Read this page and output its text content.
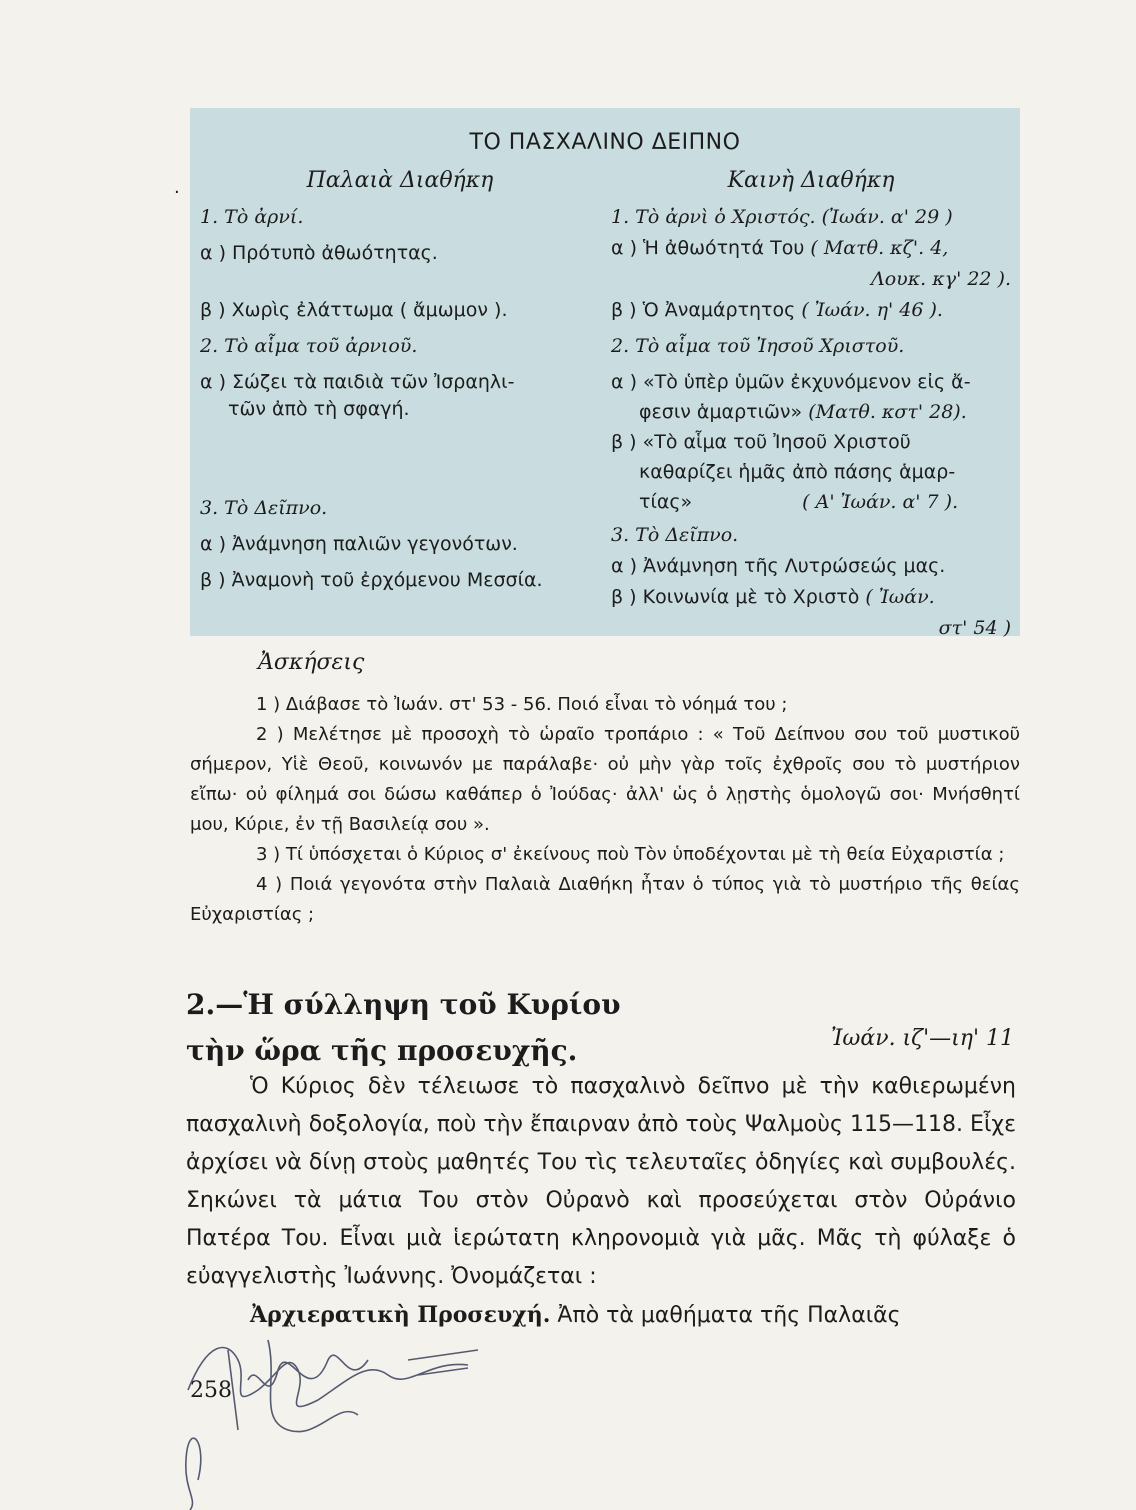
ΤΟ ΠΑΣΧΑΛΙΝΟ ΔΕΙΠΝΟ
Παλαιὰ Διαθήκη
1. Τὸ ἀρνί.
α ) Πρότυπὸ ἀθωότητας.
β ) Χωρὶς ἐλάττωμα ( ἄμωμον ).
2. Τὸ αἷμα τοῦ ἀρνιοῦ.
α ) Σώζει τὰ παιδιὰ τῶν Ἰσραηλι-
τῶν ἀπὸ τὴ σφαγή.
3. Τὸ Δεῖπνο.
α ) Ἀνάμνηση παλιῶν γεγονότων.
β ) Ἀναμονὴ τοῦ ἐρχόμενου Μεσσία.
Καινὴ Διαθήκη
1. Τὸ ἀρνὶ ὁ Χριστός. (Ἰωάν. α' 29 )
α ) Ἡ ἀθωότητά Του ( Ματθ. κζ'. 4,
Λουκ. κγ' 22 ).
β ) Ὁ Ἀναμάρτητος ( Ἰωάν. η' 46 ).
2. Τὸ αἷμα τοῦ Ἰησοῦ Χριστοῦ.
α ) «Τὸ ὑπὲρ ὑμῶν ἐκχυνόμενον εἰς ἄ-
φεσιν ἁμαρτιῶν» (Ματθ. κστ' 28).
β ) «Τὸ αἷμα τοῦ Ἰησοῦ Χριστοῦ
καθαρίζει ἡμᾶς ἀπὸ πάσης ἁμαρ-
τίας»	( Α' Ἰωάν. α' 7 ).
3. Τὸ Δεῖπνο.
α ) Ἀνάμνηση τῆς Λυτρώσεώς μας.
β ) Κοινωνία μὲ τὸ Χριστὸ ( Ἰωάν.
στ' 54 )
·
Ἀσκήσεις

1 ) Διάβασε τὸ Ἰωάν. στ' 53 - 56. Ποιό εἶναι τὸ νόημά του ;

2 ) Μελέτησε μὲ προσοχὴ τὸ ὡραῖο τροπάριο : « Τοῦ Δείπνου σου τοῦ μυστικοῦ σήμερον, Υἱὲ Θεοῦ, κοινωνόν με παράλαβε· οὐ μὴν γὰρ τοῖς ἐχθροῖς σου τὸ μυστήριον εἴπω· οὐ φίλημά σοι δώσω καθάπερ ὁ Ἰούδας· ἀλλ' ὡς ὁ λῃστὴς ὁμολογῶ σοι· Μνήσθητί μου, Κύριε, ἐν τῇ Βασιλείᾳ σου ».

3 ) Τί ὑπόσχεται ὁ Κύριος σ' ἐκείνους ποὺ Τὸν ὑποδέχονται μὲ τὴ θεία Εὐχαριστία ;

4 ) Ποιά γεγονότα στὴν Παλαιὰ Διαθήκη ἦταν ὁ τύπος γιὰ τὸ μυστήριο τῆς θείας Εὐχαριστίας ;

2.—Ἡ σύλληψη τοῦ Κυρίου
τὴν ὥρα τῆς προσευχῆς.	Ἰωάν. ιζ'—ιη' 11

Ὁ Κύριος δὲν τέλειωσε τὸ πασχαλινὸ δεῖπνο μὲ τὴν καθιερωμένη πασχαλινὴ δοξολογία, ποὺ τὴν ἔπαιρναν ἀπὸ τοὺς Ψαλμοὺς 115—118. Εἶχε ἀρχίσει νὰ δίνῃ στοὺς μαθητές Του τὶς τελευταῖες ὁδηγίες καὶ συμβουλές. Σηκώνει τὰ μάτια Του στὸν Οὐρανὸ καὶ προσεύχεται στὸν Οὐράνιο Πατέρα Του. Εἶναι μιὰ ἱερώτατη κληρονομιὰ γιὰ μᾶς. Μᾶς τὴ φύλαξε ὁ εὐαγγελιστὴς Ἰωάννης. Ὀνομάζεται :

Ἀρχιερατικὴ Προσευχή. Ἀπὸ τὰ μαθήματα τῆς Παλαιᾶς

258
